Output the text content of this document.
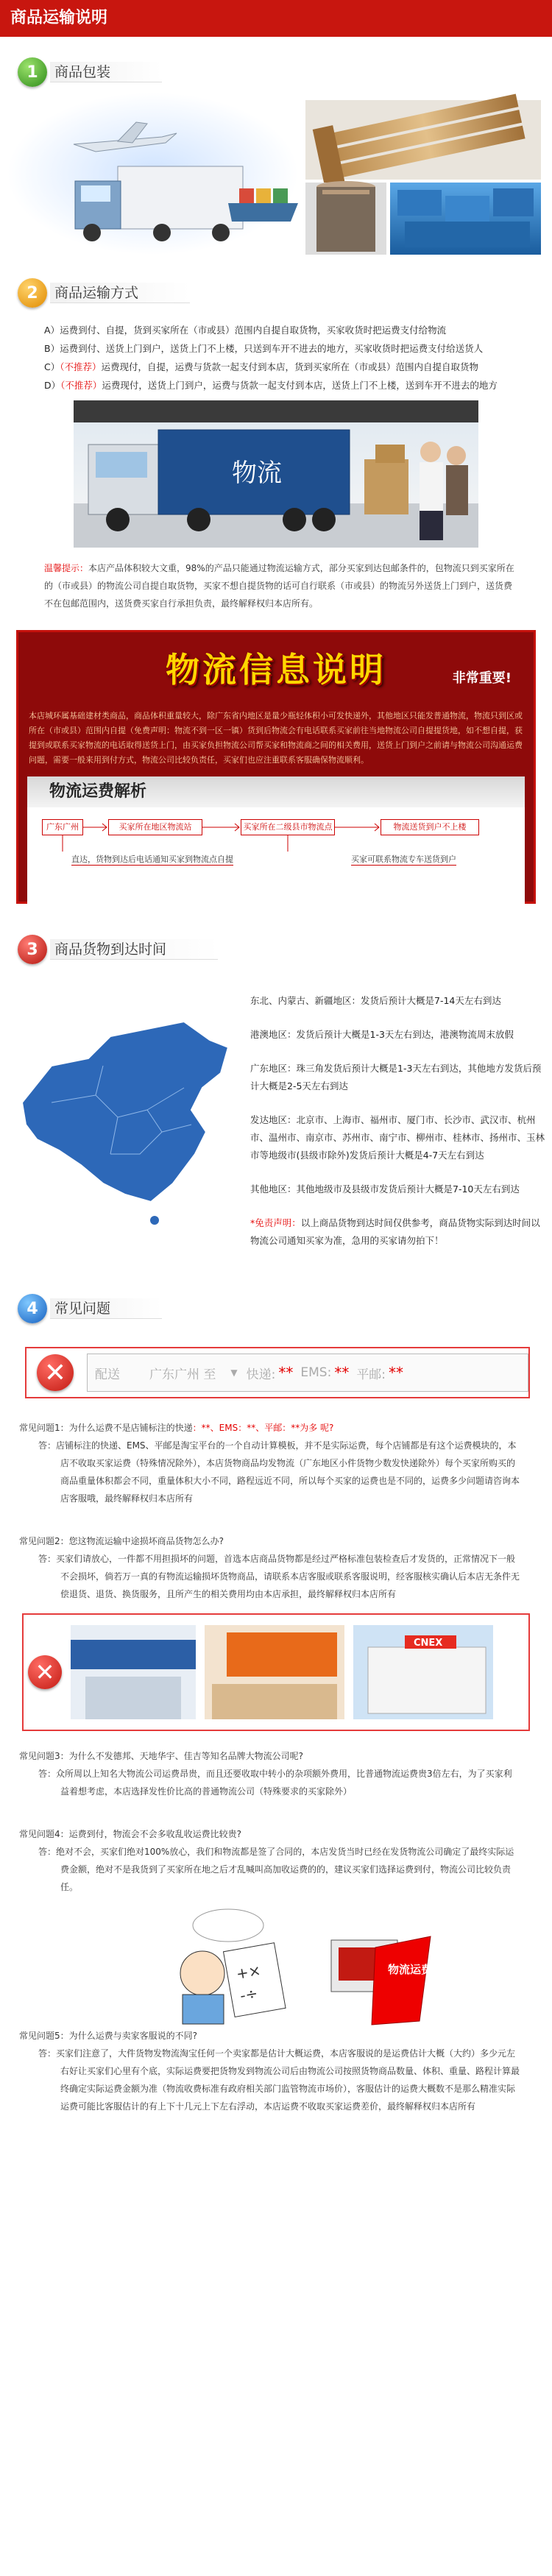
商品运输说明
1	商品包装
2	商品运输方式
A）运费到付、自提，货到买家所在（市或县）范围内自提自取货物，买家收货时把运费支付给物流
B）运费到付、送货上门到户，送货上门不上楼，只送到车开不进去的地方，买家收货时把运费支付给送货人
C）（不推荐）运费现付，自提，运费与货款一起支付到本店，货到买家所在（市或县）范围内自提自取货物
D）（不推荐）运费现付，送货上门到户，运费与货款一起支付到本店，送货上门不上楼，送到车开不进去的地方
物流
温馨提示：本店产品体积较大文重，98%的产品只能通过物流运输方式，部分买家到达包邮条件的，包物流只到买家所在的（市或县）的物流公司自提自取货物，买家不想自提货物的话可自行联系（市或县）的物流另外送货上门到户，送货费不在包邮范围内，送货费买家自行承担负责，最终解释权归本店所有。
物流信息说明	非常重要!
本店城环属基础建材类商品，商品体积重量较大，除广东省内地区是量少瓶轻体积小可发快递外，其他地区只能发普通物流，物流只到区或所在（市或县）范围内自提（免费声明：物流不到一区一镇）货到后物流会有电话联系买家前往当地物流公司自提提货地，如不想自提，获提到或联系买家物流的电话取得送货上门，由买家负担物流公司帮买家和物流商之间的相关费用，送货上门到户之前请与物流公司沟通运费问题，需要一般来用到付方式，物流公司比较负责任，买家们也应注重联系客服确保物流顺利。
物流运费解析
广东广州	买家所在地区物流站	买家所在二级县市物流点	物流送货到户不上楼
直达，货物到达后电话通知买家到物流点自提	买家可联系物流专车送货到户
3	商品货物到达时间
东北、内蒙古、新疆地区：发货后预计大概是7-14天左右到达
港澳地区：发货后预计大概是1-3天左右到达，港澳物流周末放假
广东地区：珠三角发货后预计大概是1-3天左右到达，其他地方发货后预计大概是2-5天左右到达
发达地区：北京市、上海市、福州市、厦门市、长沙市、武汉市、杭州市、温州市、南京市、苏州市、南宁市、柳州市、桂林市、扬州市、玉林市等地级市(县级市除外)发货后预计大概是4-7天左右到达
其他地区：其他地级市及县级市发货后预计大概是7-10天左右到达
*免责声明：以上商品货物到达时间仅供参考，商品货物实际到达时间以物流公司通知买家为准，急用的买家请勿拍下！
4	常见问题
✕	配送 广东广州 至 ▼ 快递: ** EMS: ** 平邮: **
常见问题1：为什么运费不是店铺标注的快递：**、EMS：**、平邮：**为多 呢?
答：店铺标注的快递、EMS、平邮是淘宝平台的一个自动计算模板，并不是实际运费，每个店铺都是有这个运费模块的，本店不收取买家运费（特殊情况除外），本店货物商品均发物流（广东地区小件货物少数发快递除外）每个买家所购买的商品重量体积都会不同，重量体积大小不同，路程远近不同，所以每个买家的运费也是不同的，运费多少问题请咨询本店客服哦，最终解释权归本店所有
常见问题2：您这物流运输中途损坏商品货物怎么办?
答：买家们请放心，一件都不用担损坏的问题，首选本店商品货物都是经过严格标准包装检查后才发货的，正常情况下一般不会损坏，倘若万一真的有物流运输损坏货物商品，请联系本店客服或联系客服说明，经客服核实确认后本店无条件无偿退货、退货、换货服务，且所产生的相关费用均由本店承担，最终解释权归本店所有
✕
CNEX
常见问题3：为什么不发德邦、天地华宇、佳吉等知名品牌大物流公司呢?
答：众所周以上知名大物流公司运费昂贵，而且还要收取中转小的杂项额外费用，比普通物流运费贵3倍左右，为了买家利益着想考虑，本店选择发性价比高的普通物流公司（特殊要求的买家除外）
常见问题4：运费到付，物流会不会多收乱收运费比较贵?
答：绝对不会，买家们绝对100%放心，我们和物流都是签了合同的，本店发货当时已经在发货物流公司确定了最终实际运费金额，绝对不是我货到了买家所在地之后才乱喊叫高加收运费的的，建议买家们选择运费到付，物流公司比较负责任。
+×
-÷
物流运费
常见问题5：为什么运费与卖家客服说的不同?
答：买家们注意了，大件货物发物流淘宝任何一个卖家都是估计大概运费，本店客服说的是运费估计大概（大约）多少元左右好让买家们心里有个底，实际运费要把货物发到物流公司后由物流公司按照货物商品数量、体积、重量、路程计算最终确定实际运费金额为准（物流收费标准有政府相关部门监管物流市场价），客服估计的运费大概数不是那么精准实际运费可能比客服估计的有上下十几元上下左右浮动，本店运费不收取买家运费差价，最终解释权归本店所有
